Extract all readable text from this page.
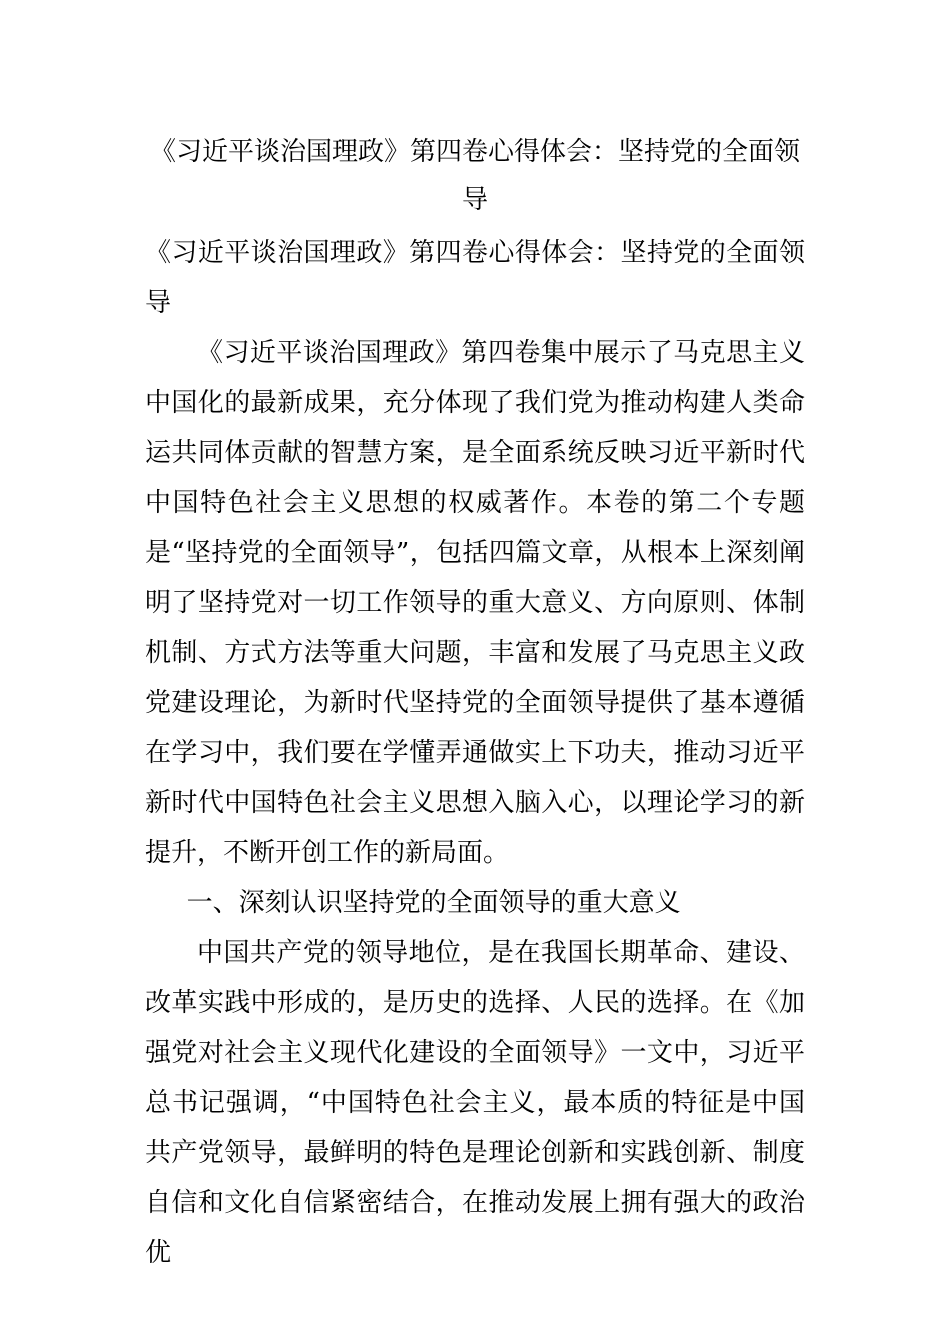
《习近平谈治国理政》第四卷心得体会：坚持党的全面领导
《习近平谈治国理政》第四卷心得体会：坚持党的全面领导

《习近平谈治国理政》第四卷集中展示了马克思主义中国化的最新成果，充分体现了我们党为推动构建人类命运共同体贡献的智慧方案，是全面系统反映习近平新时代中国特色社会主义思想的权威著作。本卷的第二个专题是“坚持党的全面领导”，包括四篇文章，从根本上深刻阐明了坚持党对一切工作领导的重大意义、方向原则、体制机制、方式方法等重大问题，丰富和发展了马克思主义政党建设理论，为新时代坚持党的全面领导提供了基本遵循在学习中，我们要在学懂弄通做实上下功夫，推动习近平新时代中国特色社会主义思想入脑入心，以理论学习的新提升，不断开创工作的新局面。

一、深刻认识坚持党的全面领导的重大意义

中国共产党的领导地位，是在我国长期革命、建设、改革实践中形成的，是历史的选择、人民的选择。在《加强党对社会主义现代化建设的全面领导》一文中，习近平总书记强调，“中国特色社会主义，最本质的特征是中国共产党领导，最鲜明的特色是理论创新和实践创新、制度自信和文化自信紧密结合，在推动发展上拥有强大的政治优
